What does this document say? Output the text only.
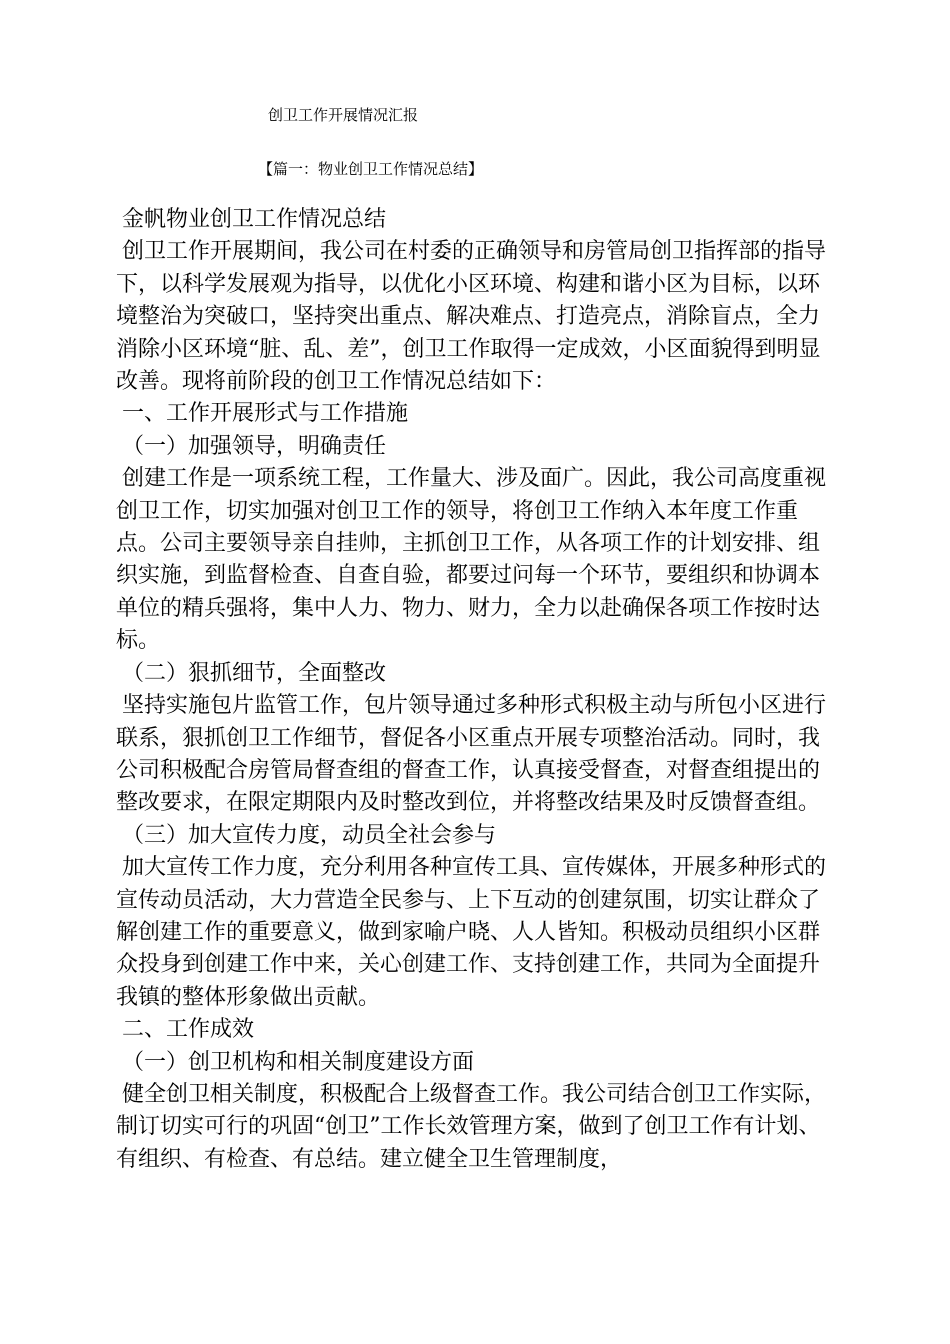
创卫工作开展情况汇报
【篇一：物业创卫工作情况总结】

金帆物业创卫工作情况总结

创卫工作开展期间，我公司在村委的正确领导和房管局创卫指挥部的指导下，以科学发展观为指导，以优化小区环境、构建和谐小区为目标，以环境整治为突破口，坚持突出重点、解决难点、打造亮点，消除盲点，全力消除小区环境“脏、乱、差”，创卫工作取得一定成效，小区面貌得到明显改善。现将前阶段的创卫工作情况总结如下：

一、工作开展形式与工作措施

（一）加强领导，明确责任

创建工作是一项系统工程，工作量大、涉及面广。因此，我公司高度重视创卫工作，切实加强对创卫工作的领导，将创卫工作纳入本年度工作重点。公司主要领导亲自挂帅，主抓创卫工作，从各项工作的计划安排、组织实施，到监督检查、自查自验，都要过问每一个环节，要组织和协调本单位的精兵强将，集中人力、物力、财力，全力以赴确保各项工作按时达标。

（二）狠抓细节，全面整改

坚持实施包片监管工作，包片领导通过多种形式积极主动与所包小区进行联系，狠抓创卫工作细节，督促各小区重点开展专项整治活动。同时，我公司积极配合房管局督查组的督查工作，认真接受督查，对督查组提出的整改要求，在限定期限内及时整改到位，并将整改结果及时反馈督查组。

（三）加大宣传力度，动员全社会参与

加大宣传工作力度，充分利用各种宣传工具、宣传媒体，开展多种形式的宣传动员活动，大力营造全民参与、上下互动的创建氛围，切实让群众了解创建工作的重要意义，做到家喻户晓、人人皆知。积极动员组织小区群众投身到创建工作中来，关心创建工作、支持创建工作，共同为全面提升我镇的整体形象做出贡献。

二、工作成效

（一）创卫机构和相关制度建设方面

健全创卫相关制度，积极配合上级督查工作。我公司结合创卫工作实际，制订切实可行的巩固“创卫”工作长效管理方案，做到了创卫工作有计划、有组织、有检查、有总结。建立健全卫生管理制度，
